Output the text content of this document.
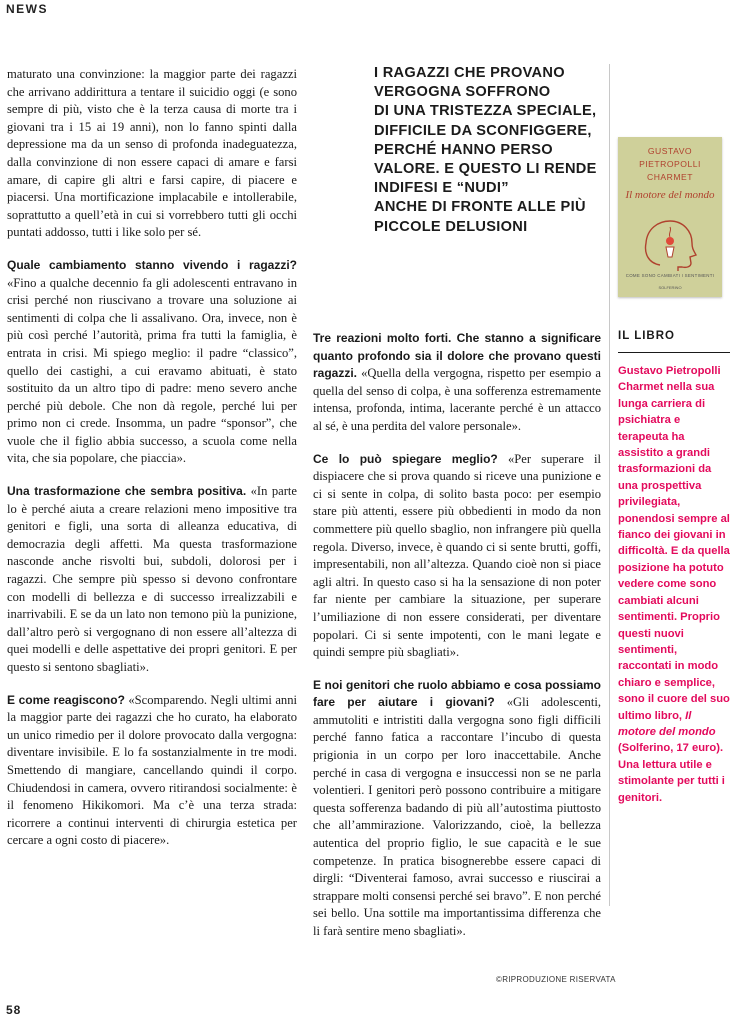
NEWS

maturato una convinzione: la maggior parte dei ragazzi che arrivano addirittura a tentare il suicidio oggi (e sono sempre di più, visto che è la terza causa di morte tra i giovani tra i 15 ai 19 anni), non lo fanno spinti dalla depressione ma da un senso di profonda inadeguatezza, dalla convinzione di non essere capaci di amare e farsi amare, di capire gli altri e farsi capire, di piacere e piacersi. Una mortificazione implacabile e intollerabile, soprattutto a quell’età in cui si vorrebbero tutti gli occhi puntati addosso, tutti i like solo per sé.

Quale cambiamento stanno vivendo i ragazzi? «Fino a qualche decennio fa gli adolescenti entravano in crisi perché non riuscivano a trovare una soluzione ai sentimenti di colpa che li assalivano. Ora, invece, non è più così perché l’autorità, prima fra tutti la famiglia, è entrata in crisi. Mi spiego meglio: il padre “classico”, quello dei castighi, a cui eravamo abituati, è stato sostituito da un altro tipo di padre: meno severo anche perché più debole. Che non dà regole, perché lui per primo non ci crede. Insomma, un padre “sponsor”, che vuole che il figlio abbia successo, a scuola come nella vita, che sia popolare, che piaccia».

Una trasformazione che sembra positiva. «In parte lo è perché aiuta a creare relazioni meno impositive tra genitori e figli, una sorta di alleanza educativa, di democrazia degli affetti. Ma questa trasformazione nasconde anche risvolti bui, subdoli, dolorosi per i ragazzi. Che sempre più spesso si devono confrontare con modelli di bellezza e di successo irrealizzabili e inarrivabili. E se da un lato non temono più la punizione, dall’altro però si vergognano di non essere all’altezza di quei modelli e delle aspettative dei propri genitori. E per questo si sentono sbagliati».

E come reagiscono? «Scomparendo. Negli ultimi anni la maggior parte dei ragazzi che ho curato, ha elaborato un unico rimedio per il dolore provocato dalla vergogna: diventare invisibile. E lo fa sostanzialmente in tre modi. Smettendo di mangiare, cancellando quindi il corpo. Chiudendosi in camera, ovvero ritirandosi socialmente: è il fenomeno Hikikomori. Ma c’è una terza strada: ricorrere a continui interventi di chirurgia estetica per cercare a ogni costo di piacere».

I RAGAZZI CHE PROVANO
VERGOGNA SOFFRONO
DI UNA TRISTEZZA SPECIALE,
DIFFICILE DA SCONFIGGERE,
PERCHÉ HANNO PERSO
VALORE. E QUESTO LI RENDE
INDIFESI E “NUDI”
ANCHE DI FRONTE ALLE PIÙ
PICCOLE DELUSIONI
GUSTAVO PIETROPOLLI CHARMET
Il motore del mondo
COME SONO CAMBIATI I SENTIMENTI
SOLFERINO

Tre reazioni molto forti. Che stanno a significare quanto profondo sia il dolore che provano questi ragazzi. «Quella della vergogna, rispetto per esempio a quella del senso di colpa, è una sofferenza estremamente intensa, profonda, intima, lacerante perché è un attacco al sé, è una perdita del valore personale».

Ce lo può spiegare meglio? «Per superare il dispiacere che si prova quando si riceve una punizione e ci si sente in colpa, di solito basta poco: per esempio stare più attenti, essere più obbedienti in modo da non commettere più quello sbaglio, non infrangere più quella regola. Diverso, invece, è quando ci si sente brutti, goffi, impresentabili, non all’altezza. Quando cioè non si piace agli altri. In questo caso si ha la sensazione di non poter far niente per cambiare la situazione, per superare l’umiliazione di non essere considerati, per diventare popolari. Ci si sente impotenti, con le mani legate e quindi sempre più sbagliati».

E noi genitori che ruolo abbiamo e cosa possiamo fare per aiutare i giovani? «Gli adolescenti, ammutoliti e intristiti dalla vergogna sono figli difficili perché fanno fatica a raccontare l’incubo di questa prigionia in un corpo per loro inaccettabile. Anche perché in casa di vergogna e insuccessi non se ne parla volentieri. I genitori però possono contribuire a mitigare questa sofferenza badando di più all’autostima piuttosto che all’ammirazione. Valorizzando, cioè, la bellezza autentica del proprio figlio, le sue capacità e le sue competenze. In pratica bisognerebbe essere capaci di dirgli: “Diventerai famoso, avrai successo e riuscirai a strappare molti consensi perché sei bravo”. E non perché sei bello. Una sottile ma importantissima differenza che li farà sentire meno sbagliati».

IL LIBRO
Gustavo Pietropolli Charmet nella sua lunga carriera di psichiatra e terapeuta ha assistito a grandi trasformazioni da una prospettiva privilegiata, ponendosi sempre al fianco dei giovani in difficoltà. E da quella posizione ha potuto vedere come sono cambiati alcuni sentimenti. Proprio questi nuovi sentimenti, raccontati in modo chiaro e semplice, sono il cuore del suo ultimo libro, Il motore del mondo (Solferino, 17 euro). Una lettura utile e stimolante per tutti i genitori.
©RIPRODUZIONE RISERVATA
58
